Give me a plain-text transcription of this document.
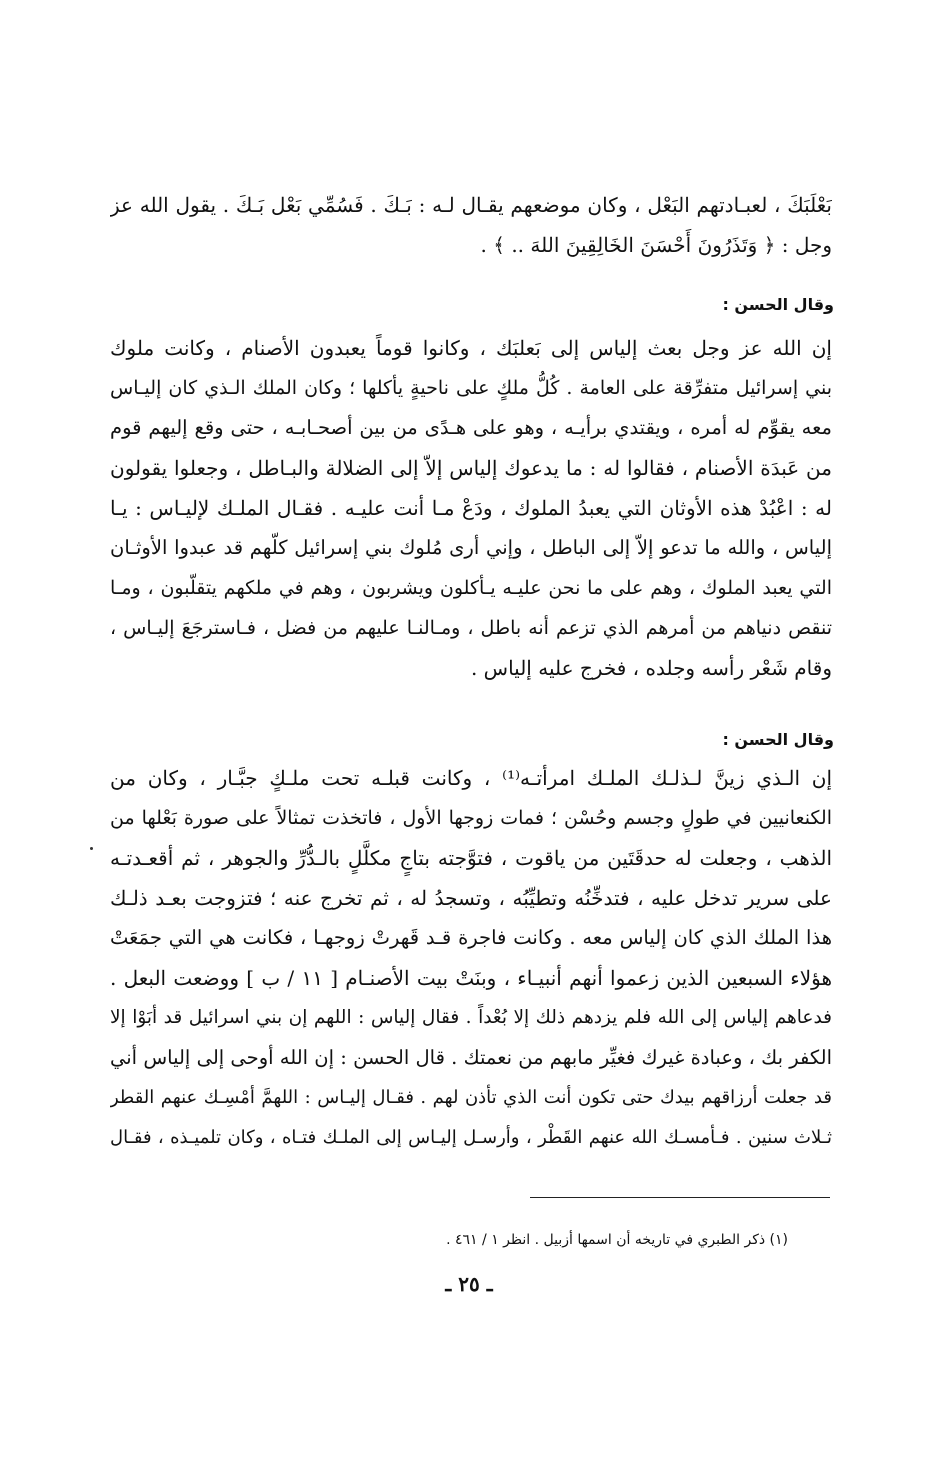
بَعْلَبَكَ ، لعبـادتهم البَعْل ، وكان موضعهم يقـال لـه : بَـكَ . فَسُمِّي بَعْل بَـكَ . يقول الله عز
وجل : ﴿ وَتَذَرُونَ أَحْسَنَ الخَالِقِينَ اللهَ .. ﴾ .
وقال الحسن :
إن الله عز وجل بعث إلياس إلى بَعلبَك ، وكانوا قوماً يعبدون الأصنام ، وكانت ملوك
بني إسرائيل متفرِّقة على العامة . كُلُّ ملكٍ على ناحيةٍ يأكلها ؛ وكان الملك الـذي كان إليـاس
معه يقوِّم له أمره ، ويقتدي برأيـه ، وهو على هـدًى من بين أصحـابـه ، حتى وقع إليهم قوم
من عَبدَة الأصنام ، فقالوا له : ما يدعوك إلياس إلاّ إلى الضلالة والبـاطل ، وجعلوا يقولون
له : اعْبُدْ هذه الأوثان التي يعبدُ الملوك ، ودَعْ مـا أنت عليـه . فقـال الملـك لإليـاس : يـا
إلياس ، والله ما تدعو إلاّ إلى الباطل ، وإني أرى مُلوك بني إسرائيل كلّهم قد عبدوا الأوثـان
التي يعبد الملوك ، وهم على ما نحن عليـه يـأكلون ويشربون ، وهم في ملكهم يتقلّبون ، ومـا
تنقص دنياهم من أمرهم الذي تزعم أنه باطل ، ومـالنـا عليهم من فضل ، فـاسترجَعَ إليـاس ،
وقام شَعْر رأسه وجلده ، فخرج عليه إلياس .
وقال الحسن :
إن الـذي زينَّ لـذلـك الملـك امرأتـه⁽¹⁾ ، وكانت قبلـه تحت ملـكٍ جبَّـار ، وكان من
الكنعانيين في طولٍ وجسم وحُسْن ؛ فمات زوجها الأول ، فاتخذت تمثالاً على صورة بَعْلها من
الذهب ، وجعلت له حدقَتَين من ياقوت ، فتوَّجته بتاجٍ مكلَّلٍ بالـدُّرِّ والجوهر ، ثم أقعـدتـه
على سرير تدخل عليه ، فتدخِّنُه وتطيِّبُه ، وتسجدُ له ، ثم تخرج عنه ؛ فتزوجت بعـد ذلـك
هذا الملك الذي كان إلياس معه . وكانت فاجرة قـد قَهرتْ زوجهـا ، فكانت هي التي جمَعَتْ
هؤلاء السبعين الذين زعموا أنهم أنبيـاء ، وبنَتْ بيت الأصنـام [ ١١ / ب ] ووضعت البعل .
فدعاهم إلياس إلى الله فلم يزدهم ذلك إلا بُعْداً . فقال إلياس : اللهم إن بني اسرائيل قد أبَوْا إلا
الكفر بك ، وعبادة غيرك فغيِّر مابهم من نعمتك . قال الحسن : إن الله أوحى إلى إلياس أني
قد جعلت أرزاقهم بيدك حتى تكون أنت الذي تأذن لهم . فقـال إليـاس : اللهمَّ أمْسِـك عنهم القطر
ثـلاث سنين . فـأمسـك الله عنهم القَطْر ، وأرسـل إليـاس إلى الملـك فتـاه ، وكان تلميـذه ، فقـال
(١) ذكر الطبري في تاريخه أن اسمها أزبيل . انظر ١ / ٤٦١ .
ـ ٢٥ ـ
